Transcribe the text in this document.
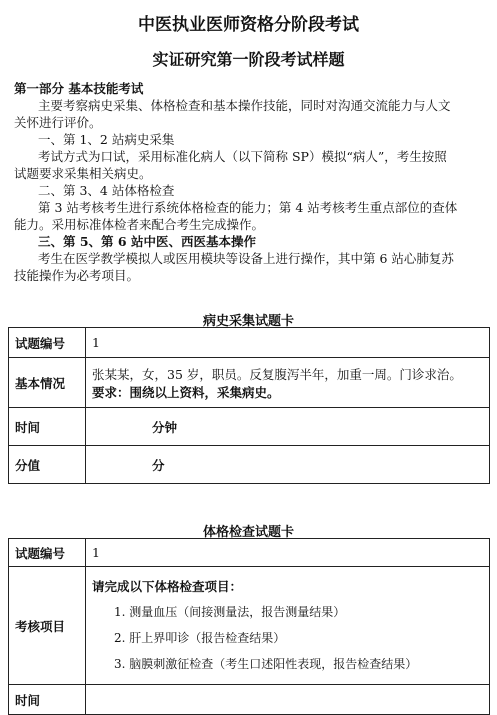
中医执业医师资格分阶段考试
实证研究第一阶段考试样题
第一部分 基本技能考试
主要考察病史采集、体格检查和基本操作技能，同时对沟通交流能力与人文
关怀进行评价。
一、第 1、2 站病史采集
考试方式为口试，采用标准化病人（以下简称 SP）模拟“病人”，考生按照
试题要求采集相关病史。
二、第 3、4 站体格检查
第 3 站考核考生进行系统体格检查的能力；第 4 站考核考生重点部位的查体
能力。采用标准体检者来配合考生完成操作。
三、第 5、第 6 站中医、西医基本操作
考生在医学教学模拟人或医用模块等设备上进行操作，其中第 6 站心肺复苏
技能操作为必考项目。
病史采集试题卡
试题编号	1
基本情况	张某某，女，35 岁，职员。反复腹泻半年，加重一周。门诊求治。
要求：围绕以上资料，采集病史。

时间	分钟
分值	分
体格检查试题卡
试题编号	1
考核项目	请完成以下体格检查项目：
1. 测量血压（间接测量法，报告测量结果）
2. 肝上界叩诊（报告检查结果）
3. 脑膜刺激征检查（考生口述阳性表现，报告检查结果）

时间	
